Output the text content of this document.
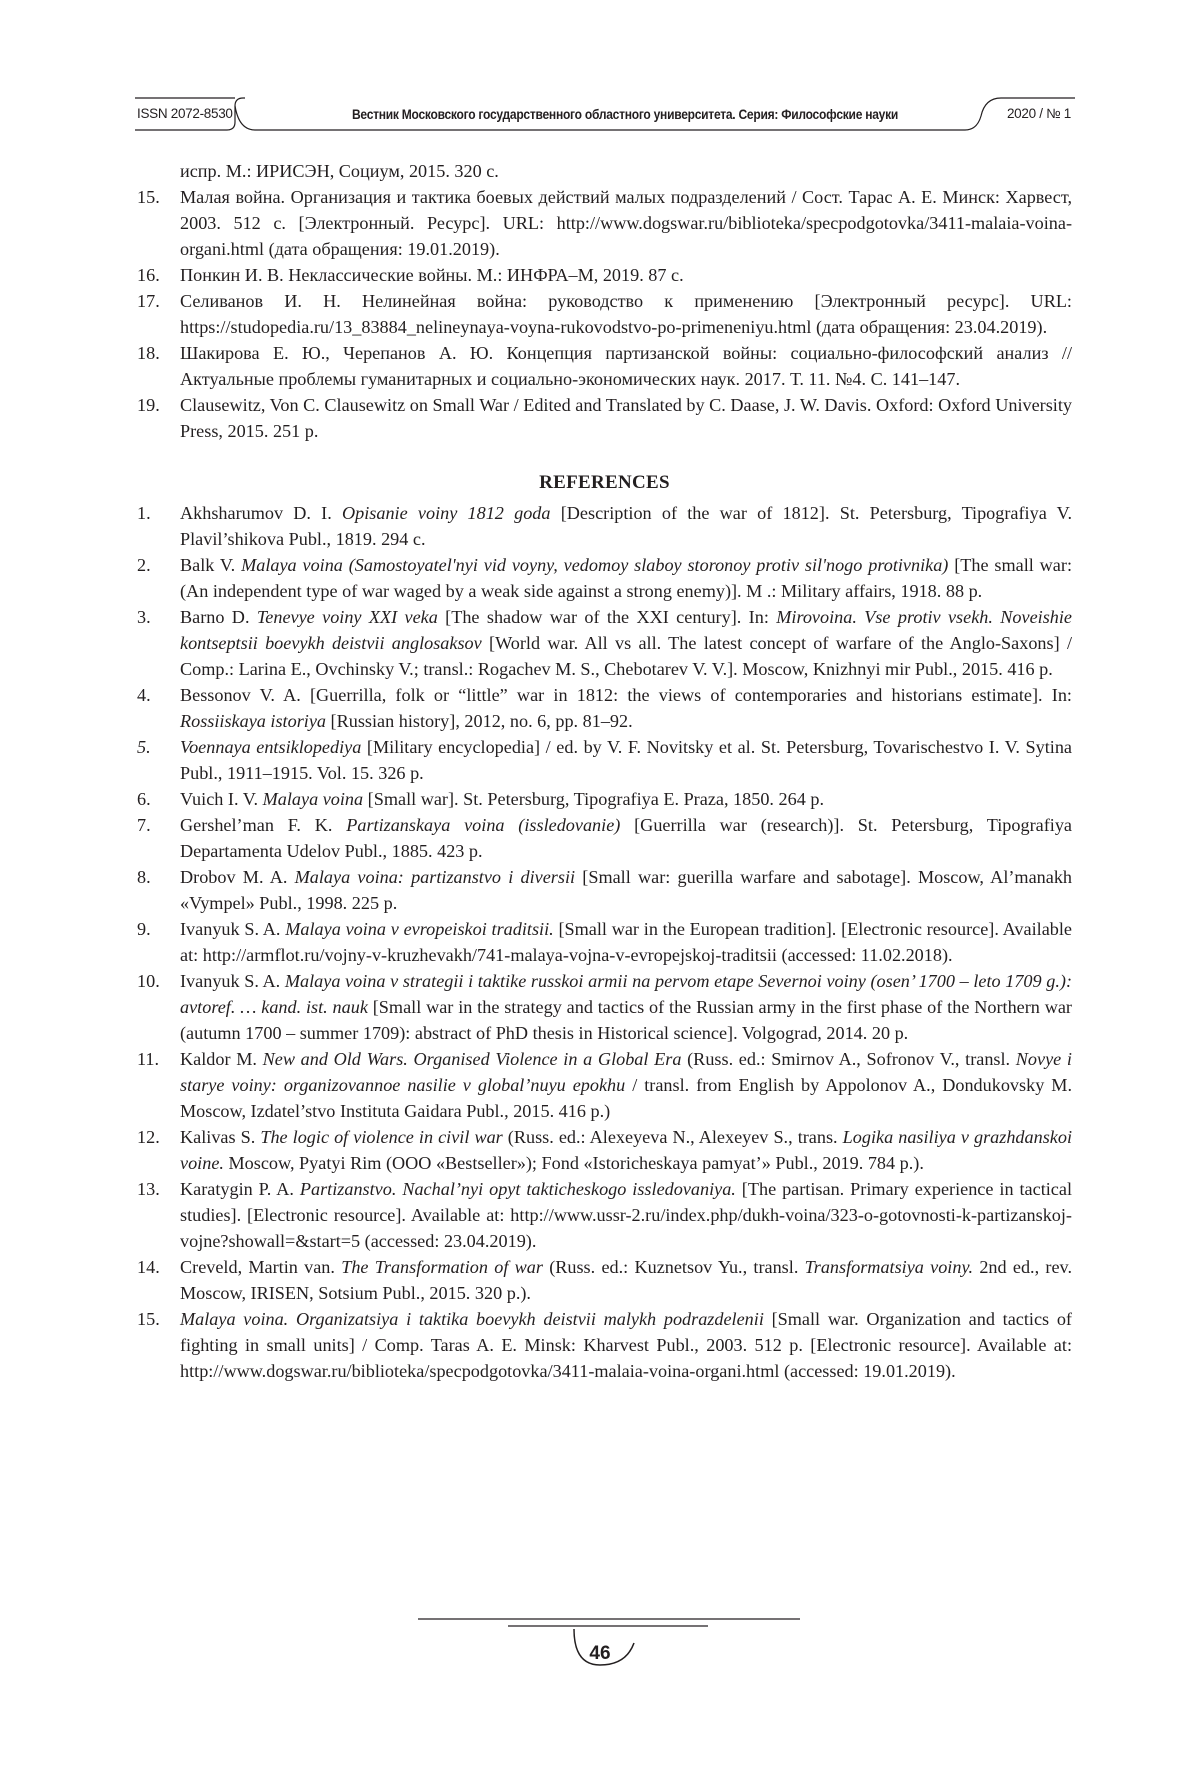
ISSN 2072-8530	Вестник Московского государственного областного университета. Серия: Философские науки	2020 / № 1
испр. М.: ИРИСЭН, Социум, 2015. 320 с.
15. Малая война. Организация и тактика боевых действий малых подразделений / Сост. Тарас А. Е. Минск: Харвест, 2003. 512 с. [Электронный. Ресурс]. URL: http://www.dogswar.ru/biblioteka/specpodgotovka/3411-malaia-voina-organi.html (дата обращения: 19.01.2019).
16. Понкин И. В. Неклассические войны. М.: ИНФРА–М, 2019. 87 с.
17. Селиванов И. Н. Нелинейная война: руководство к применению [Электронный ресурс]. URL: https://studopedia.ru/13_83884_nelineynaya-voyna-rukovodstvo-po-primeneniyu.html (дата обращения: 23.04.2019).
18. Шакирова Е. Ю., Черепанов А. Ю. Концепция партизанской войны: социально-философский анализ // Актуальные проблемы гуманитарных и социально-экономических наук. 2017. Т. 11. №4. С. 141–147.
19. Clausewitz, Von C. Clausewitz on Small War / Edited and Translated by C. Daase, J. W. Davis. Oxford: Oxford University Press, 2015. 251 p.
REFERENCES
1. Akhsharumov D. I. Opisanie voiny 1812 goda [Description of the war of 1812]. St. Petersburg, Tipografiya V. Plavil’shikova Publ., 1819. 294 c.
2. Balk V. Malaya voina (Samostoyatel'nyi vid voyny, vedomoy slaboy storonoy protiv sil'nogo protivnika) [The small war: (An independent type of war waged by a weak side against a strong enemy)]. M .: Military affairs, 1918. 88 p.
3. Barno D. Tenevye voiny XXI veka [The shadow war of the XXI century]. In: Mirovoina. Vse protiv vsekh. Noveishie kontseptsii boevykh deistvii anglosaksov [World war. All vs all. The latest concept of warfare of the Anglo-Saxons] / Comp.: Larina E., Ovchinsky V.; transl.: Rogachev M. S., Chebotarev V. V.]. Moscow, Knizhnyi mir Publ., 2015. 416 p.
4. Bessonov V. A. [Guerrilla, folk or “little” war in 1812: the views of contemporaries and historians estimate]. In: Rossiiskaya istoriya [Russian history], 2012, no. 6, pp. 81–92.
5. Voennaya entsiklopediya [Military encyclopedia] / ed. by V. F. Novitsky et al. St. Petersburg, Tovarischestvo I. V. Sytina Publ., 1911–1915. Vol. 15. 326 p.
6. Vuich I. V. Malaya voina [Small war]. St. Petersburg, Tipografiya E. Praza, 1850. 264 p.
7. Gershel’man F. K. Partizanskaya voina (issledovanie) [Guerrilla war (research)]. St. Petersburg, Tipografiya Departamenta Udelov Publ., 1885. 423 p.
8. Drobov M. A. Malaya voina: partizanstvo i diversii [Small war: guerilla warfare and sabotage]. Moscow, Al’manakh «Vympel» Publ., 1998. 225 p.
9. Ivanyuk S. A. Malaya voina v evropeiskoi traditsii. [Small war in the European tradition]. [Electronic resource]. Available at: http://armflot.ru/vojny-v-kruzhevakh/741-malaya-vojna-v-evropejskoj-traditsii (accessed: 11.02.2018).
10. Ivanyuk S. A. Malaya voina v strategii i taktike russkoi armii na pervom etape Severnoi voiny (osen’ 1700 – leto 1709 g.): avtoref. … kand. ist. nauk [Small war in the strategy and tactics of the Russian army in the first phase of the Northern war (autumn 1700 – summer 1709): abstract of PhD thesis in Historical science]. Volgograd, 2014. 20 p.
11. Kaldor M. New and Old Wars. Organised Violence in a Global Era (Russ. ed.: Smirnov A., Sofronov V., transl. Novye i starye voiny: organizovannoe nasilie v global’nuyu epokhu / transl. from English by Appolonov A., Dondukovsky M. Moscow, Izdatel’stvo Instituta Gaidara Publ., 2015. 416 p.)
12. Kalivas S. The logic of violence in civil war (Russ. ed.: Alexeyeva N., Alexeyev S., trans. Logika nasiliya v grazhdanskoi voine. Moscow, Pyatyi Rim (OOO «Bestseller»); Fond «Istoricheskaya pamyat’» Publ., 2019. 784 p.).
13. Karatygin P. A. Partizanstvo. Nachal’nyi opyt takticheskogo issledovaniya. [The partisan. Primary experience in tactical studies]. [Electronic resource]. Available at: http://www.ussr-2.ru/index.php/dukh-voina/323-o-gotovnosti-k-partizanskoj-vojne?showall=&start=5 (accessed: 23.04.2019).
14. Creveld, Martin van. The Transformation of war (Russ. ed.: Kuznetsov Yu., transl. Transformatsiya voiny. 2nd ed., rev. Moscow, IRISEN, Sotsium Publ., 2015. 320 p.).
15. Malaya voina. Organizatsiya i taktika boevykh deistvii malykh podrazdelenii [Small war. Organization and tactics of fighting in small units] / Comp. Taras A. E. Minsk: Kharvest Publ., 2003. 512 p. [Electronic resource]. Available at: http://www.dogswar.ru/biblioteka/specpodgotovka/3411-malaia-voina-organi.html (accessed: 19.01.2019).
46
